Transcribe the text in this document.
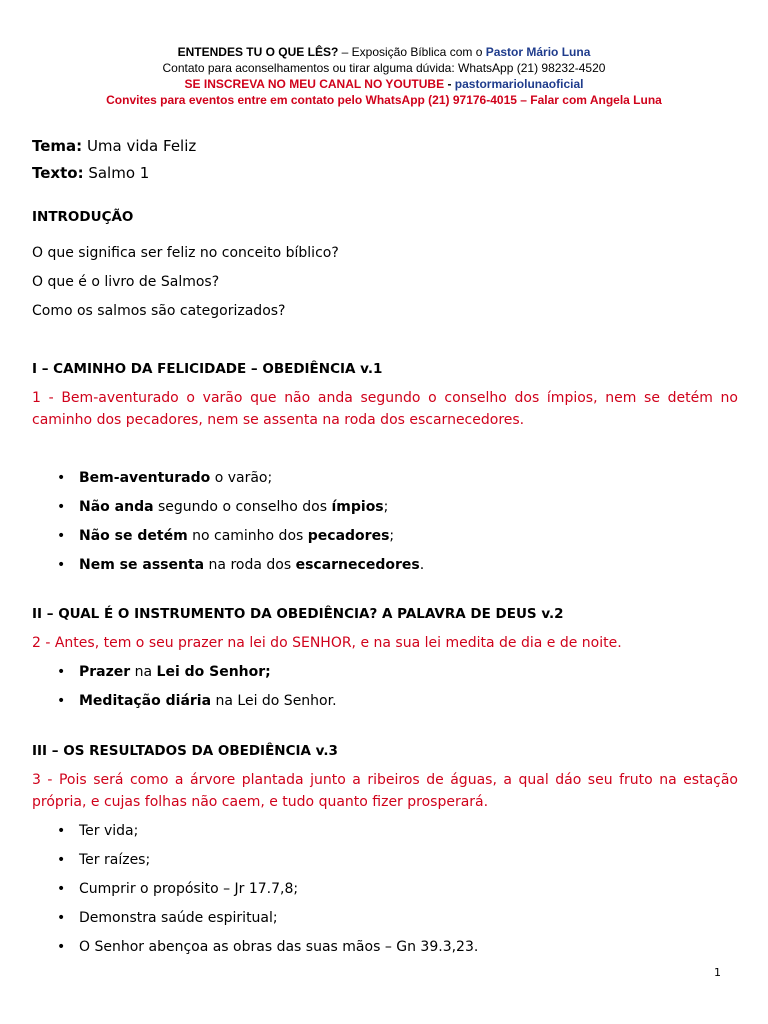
ENTENDES TU O QUE LÊS? – Exposição Bíblica com o Pastor Mário Luna
Contato para aconselhamentos ou tirar alguma dúvida: WhatsApp (21) 98232-4520
SE INSCREVA NO MEU CANAL NO YOUTUBE - pastormariolunaoficial
Convites para eventos entre em contato pelo WhatsApp (21) 97176-4015 – Falar com Angela Luna
Tema: Uma vida Feliz
Texto: Salmo 1
INTRODUÇÃO
O que significa ser feliz no conceito bíblico?
O que é o livro de Salmos?
Como os salmos são categorizados?
I – CAMINHO DA FELICIDADE – OBEDIÊNCIA v.1
1 - Bem-aventurado o varão que não anda segundo o conselho dos ímpios, nem se detém no caminho dos pecadores, nem se assenta na roda dos escarnecedores.
• Bem-aventurado o varão;
• Não anda segundo o conselho dos ímpios;
• Não se detém no caminho dos pecadores;
• Nem se assenta na roda dos escarnecedores.
II – QUAL É O INSTRUMENTO DA OBEDIÊNCIA? A PALAVRA DE DEUS v.2
2 - Antes, tem o seu prazer na lei do SENHOR, e na sua lei medita de dia e de noite.
• Prazer na Lei do Senhor;
• Meditação diária na Lei do Senhor.
III – OS RESULTADOS DA OBEDIÊNCIA v.3
3 - Pois será como a árvore plantada junto a ribeiros de águas, a qual dáo seu fruto na estação própria, e cujas folhas não caem, e tudo quanto fizer prosperará.
• Ter vida;
• Ter raízes;
• Cumprir o propósito – Jr 17.7,8;
• Demonstra saúde espiritual;
• O Senhor abençoa as obras das suas mãos – Gn 39.3,23.
1
